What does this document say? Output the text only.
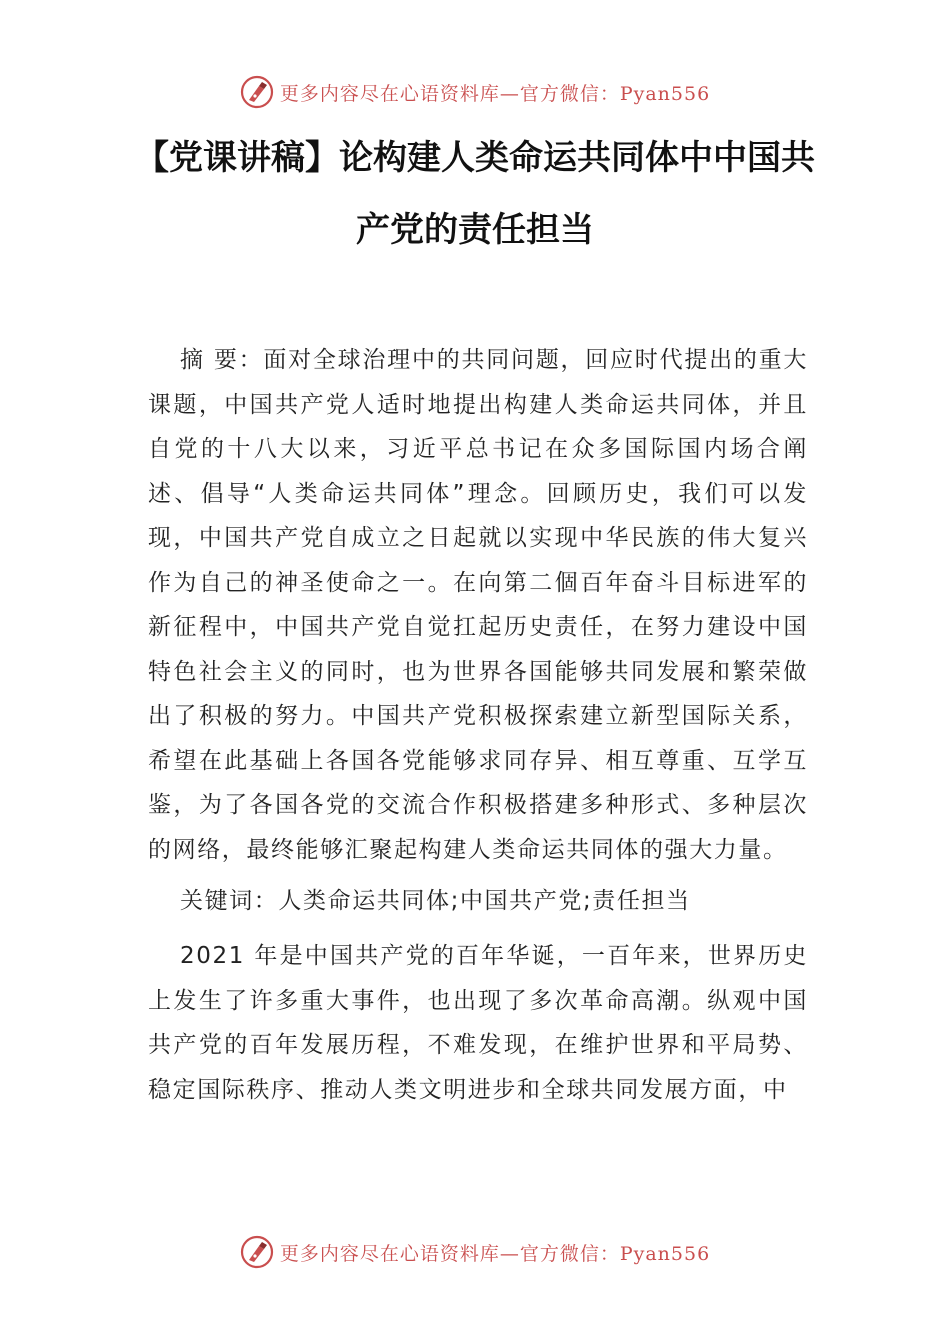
更多内容尽在心语资料库—官方微信：Pyan556
【党课讲稿】论构建人类命运共同体中中国共
产党的责任担当

摘 要：面对全球治理中的共同问题，回应时代提出的重大课题，中国共产党人适时地提出构建人类命运共同体，并且自党的十八大以来，习近平总书记在众多国际国内场合阐述、倡导“人类命运共同体”理念。回顾历史，我们可以发现，中国共产党自成立之日起就以实现中华民族的伟大复兴作为自己的神圣使命之一。在向第二個百年奋斗目标进军的新征程中，中国共产党自觉扛起历史责任，在努力建设中国特色社会主义的同时，也为世界各国能够共同发展和繁荣做出了积极的努力。中国共产党积极探索建立新型国际关系，希望在此基础上各国各党能够求同存异、相互尊重、互学互鉴，为了各国各党的交流合作积极搭建多种形式、多种层次的网络，最终能够汇聚起构建人类命运共同体的强大力量。

关键词：人类命运共同体;中国共产党;责任担当

2021 年是中国共产党的百年华诞，一百年来，世界历史上发生了许多重大事件，也出现了多次革命高潮。纵观中国共产党的百年发展历程，不难发现，在维护世界和平局势、稳定国际秩序、推动人类文明进步和全球共同发展方面，中

更多内容尽在心语资料库—官方微信：Pyan556
